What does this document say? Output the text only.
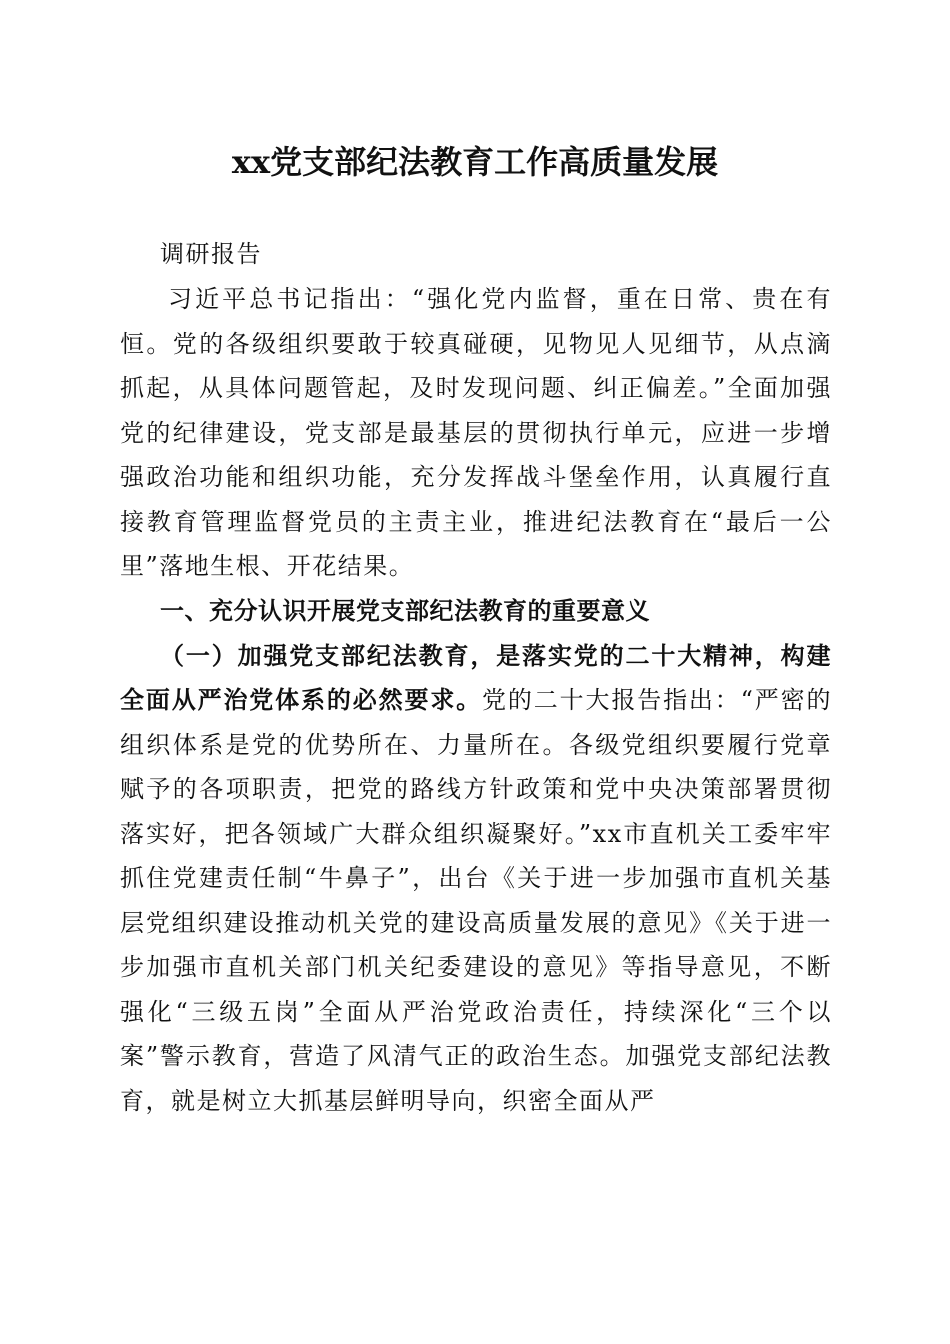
xx党支部纪法教育工作高质量发展
调研报告

习近平总书记指出：“强化党内监督，重在日常、贵在有恒。党的各级组织要敢于较真碰硬，见物见人见细节，从点滴抓起，从具体问题管起，及时发现问题、纠正偏差。”全面加强党的纪律建设，党支部是最基层的贯彻执行单元，应进一步增强政治功能和组织功能，充分发挥战斗堡垒作用，认真履行直接教育管理监督党员的主责主业，推进纪法教育在“最后一公里”落地生根、开花结果。

一、充分认识开展党支部纪法教育的重要意义

（一）加强党支部纪法教育，是落实党的二十大精神，构建全面从严治党体系的必然要求。党的二十大报告指出：“严密的组织体系是党的优势所在、力量所在。各级党组织要履行党章赋予的各项职责，把党的路线方针政策和党中央决策部署贯彻落实好，把各领域广大群众组织凝聚好。”xx市直机关工委牢牢抓住党建责任制“牛鼻子”，出台《关于进一步加强市直机关基层党组织建设推动机关党的建设高质量发展的意见》《关于进一步加强市直机关部门机关纪委建设的意见》等指导意见，不断强化“三级五岗”全面从严治党政治责任，持续深化“三个以案”警示教育，营造了风清气正的政治生态。加强党支部纪法教育，就是树立大抓基层鲜明导向，织密全面从严
